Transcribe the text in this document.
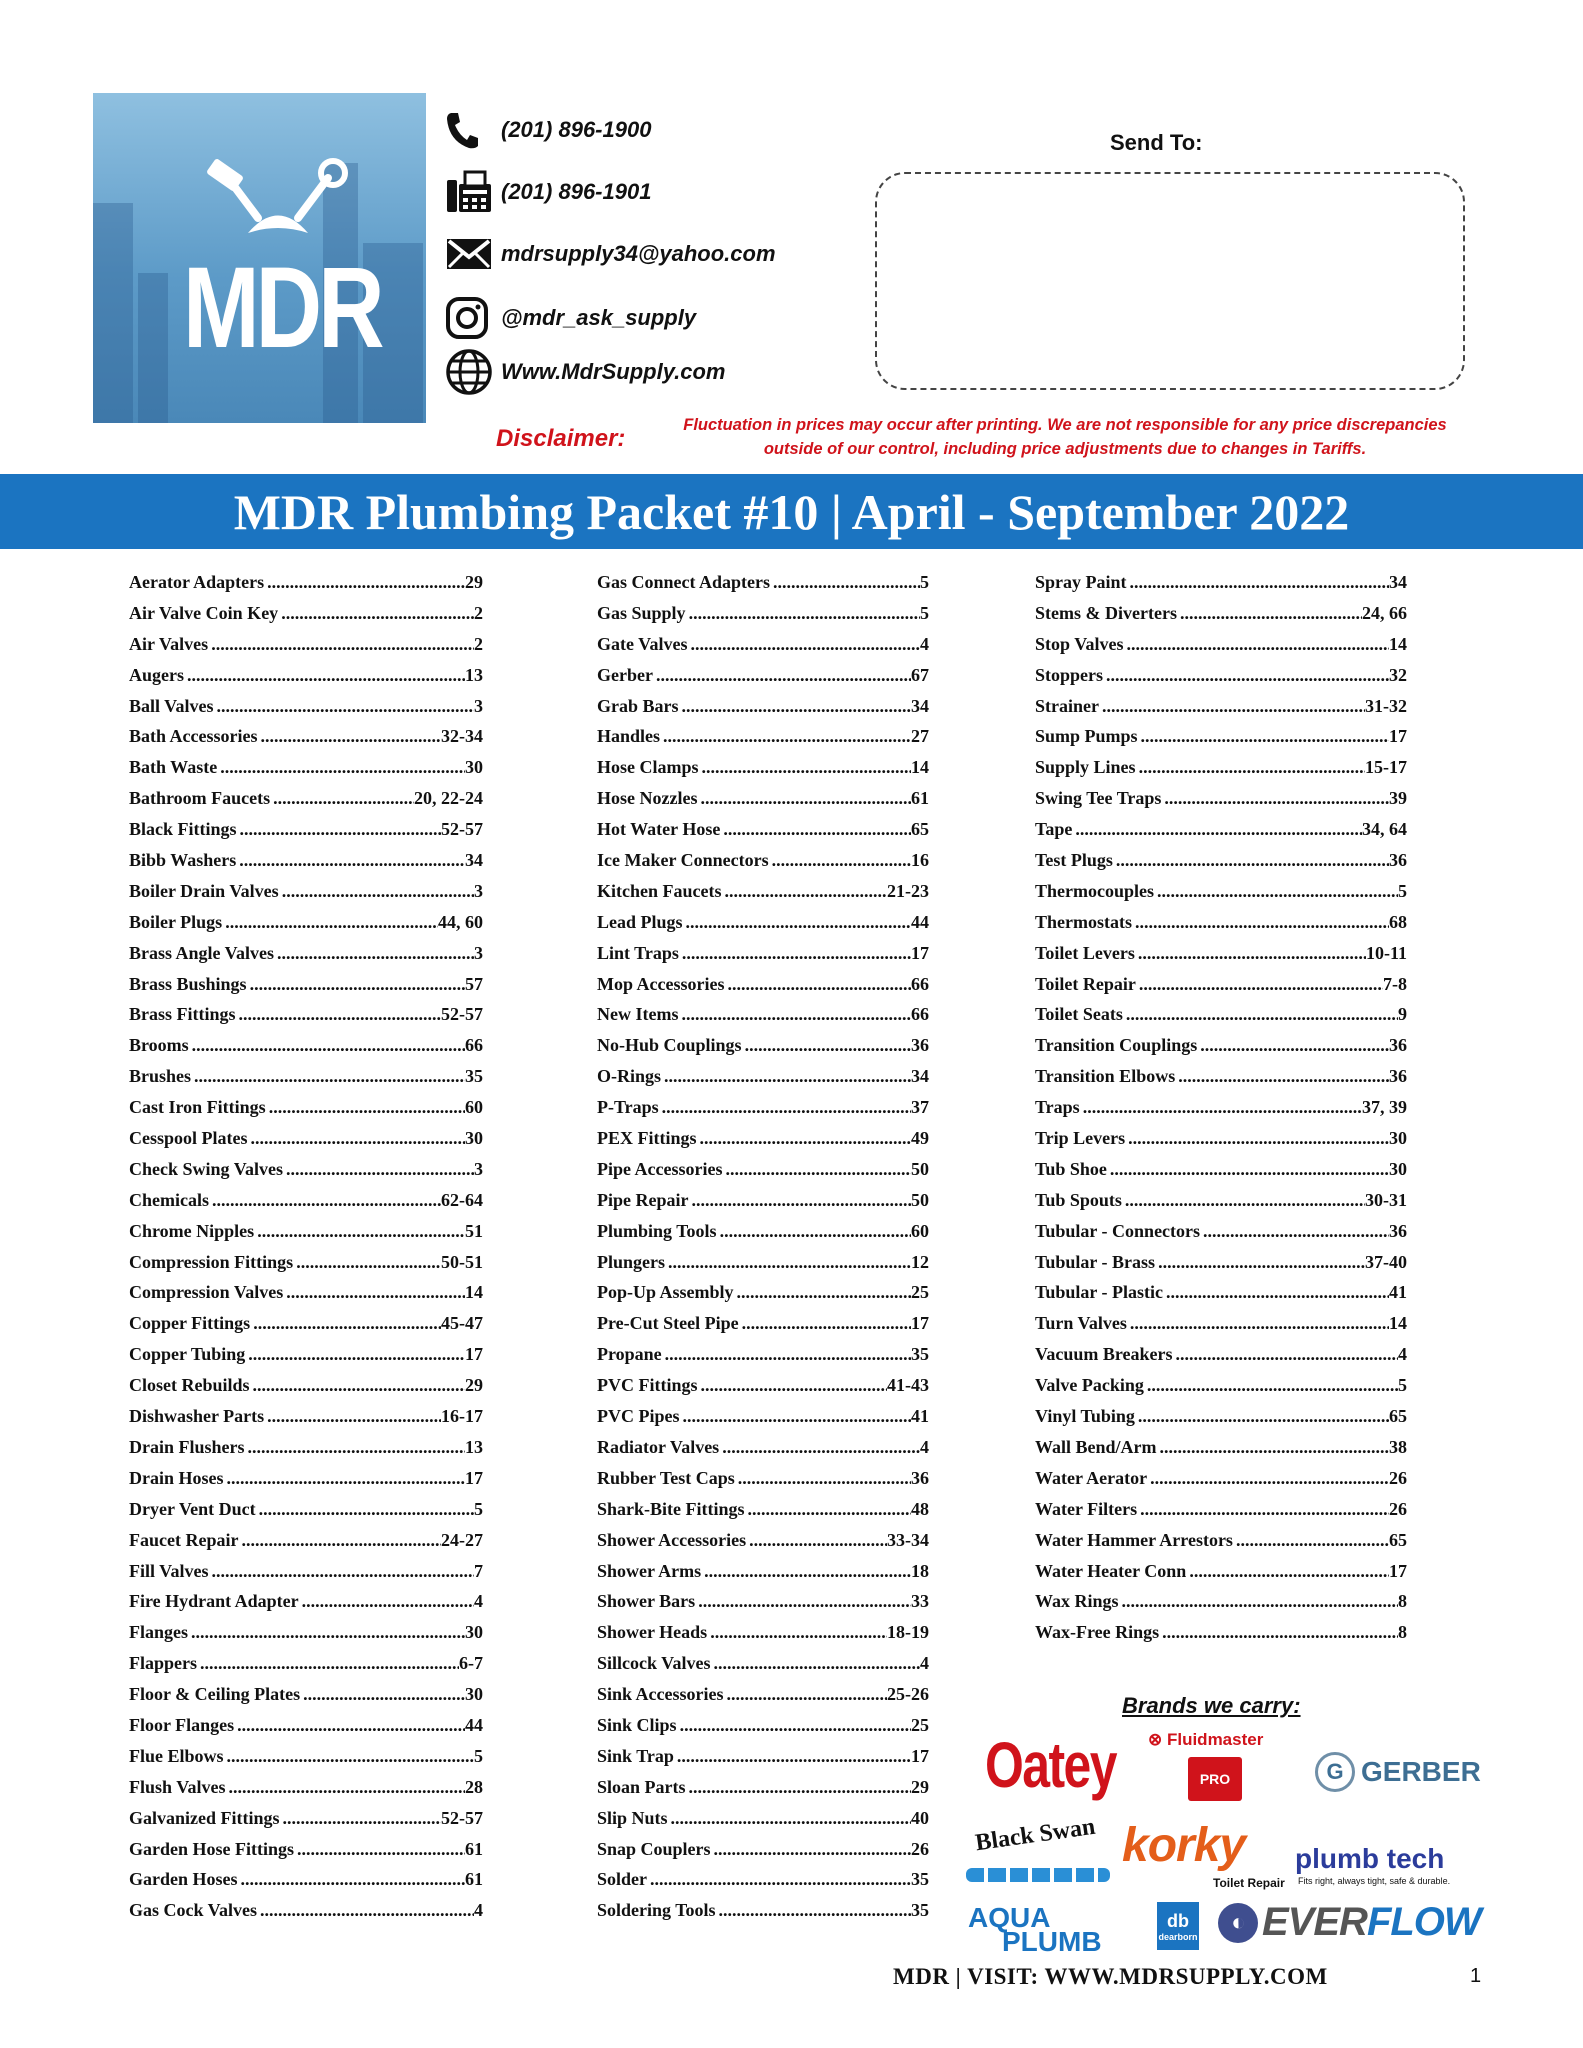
MDR
(201) 896-1900
(201) 896-1901
mdrsupply34@yahoo.com
@mdr_ask_supply
Www.MdrSupply.com
Send To:
Disclaimer:	Fluctuation in prices may occur after printing. We are not responsible for any price discrepancies
outside of our control, including price adjustments due to changes in Tariffs.
MDR Plumbing Packet #10 | April - September 2022
Aerator Adapters .....	29
Air Valve Coin Key .....	2
Air Valves .....	2
Augers .....	13
Ball Valves .....	3
Bath Accessories .....	32-34
Bath Waste .....	30
Bathroom Faucets .....	20, 22-24
Black Fittings .....	52-57
Bibb Washers .....	34
Boiler Drain Valves .....	3
Boiler Plugs .....	44, 60
Brass Angle Valves .....	3
Brass Bushings .....	57
Brass Fittings .....	52-57
Brooms .....	66
Brushes .....	35
Cast Iron Fittings .....	60
Cesspool Plates .....	30
Check Swing Valves .....	3
Chemicals .....	62-64
Chrome Nipples .....	51
Compression Fittings .....	50-51
Compression Valves .....	14
Copper Fittings .....	45-47
Copper Tubing .....	17
Closet Rebuilds .....	29
Dishwasher Parts .....	16-17
Drain Flushers .....	13
Drain Hoses .....	17
Dryer Vent Duct .....	5
Faucet Repair .....	24-27
Fill Valves .....	7
Fire Hydrant Adapter .....	4
Flanges .....	30
Flappers .....	6-7
Floor & Ceiling Plates .....	30
Floor Flanges .....	44
Flue Elbows .....	5
Flush Valves .....	28
Galvanized Fittings .....	52-57
Garden Hose Fittings .....	61
Garden Hoses .....	61
Gas Cock Valves .....	4
Gas Connect Adapters .....	5
Gas Supply .....	5
Gate Valves .....	4
Gerber .....	67
Grab Bars .....	34
Handles .....	27
Hose Clamps .....	14
Hose Nozzles .....	61
Hot Water Hose .....	65
Ice Maker Connectors .....	16
Kitchen Faucets .....	21-23
Lead Plugs .....	44
Lint Traps .....	17
Mop Accessories .....	66
New Items .....	66
No-Hub Couplings .....	36
O-Rings .....	34
P-Traps .....	37
PEX Fittings .....	49
Pipe Accessories .....	50
Pipe Repair .....	50
Plumbing Tools .....	60
Plungers .....	12
Pop-Up Assembly .....	25
Pre-Cut Steel Pipe .....	17
Propane .....	35
PVC Fittings .....	41-43
PVC Pipes .....	41
Radiator Valves .....	4
Rubber Test Caps .....	36
Shark-Bite Fittings .....	48
Shower Accessories .....	33-34
Shower Arms .....	18
Shower Bars .....	33
Shower Heads .....	18-19
Sillcock Valves .....	4
Sink Accessories .....	25-26
Sink Clips .....	25
Sink Trap .....	17
Sloan Parts .....	29
Slip Nuts .....	40
Snap Couplers .....	26
Solder .....	35
Soldering Tools .....	35
Spray Paint .....	34
Stems & Diverters .....	24, 66
Stop Valves .....	14
Stoppers .....	32
Strainer .....	31-32
Sump Pumps .....	17
Supply Lines .....	15-17
Swing Tee Traps .....	39
Tape .....	34, 64
Test Plugs .....	36
Thermocouples .....	5
Thermostats .....	68
Toilet Levers .....	10-11
Toilet Repair .....	7-8
Toilet Seats .....	9
Transition Couplings .....	36
Transition Elbows .....	36
Traps .....	37, 39
Trip Levers .....	30
Tub Shoe .....	30
Tub Spouts .....	30-31
Tubular - Connectors .....	36
Tubular - Brass .....	37-40
Tubular - Plastic .....	41
Turn Valves .....	14
Vacuum Breakers .....	4
Valve Packing .....	5
Vinyl Tubing .....	65
Wall Bend/Arm .....	38
Water Aerator .....	26
Water Filters .....	26
Water Hammer Arrestors .....	65
Water Heater Conn .....	17
Wax Rings .....	8
Wax-Free Rings .....	8
Brands we carry:
Oatey ⊗ Fluidmaster
PRO	G GERBER
Black Swan korky
Toilet Repair
plumb tech
Fits right, always tight, safe & durable.
AQUA
PLUMB
db
dearborn
◐ EVER FLOW
MDR | VISIT: WWW.MDRSUPPLY.COM	1
